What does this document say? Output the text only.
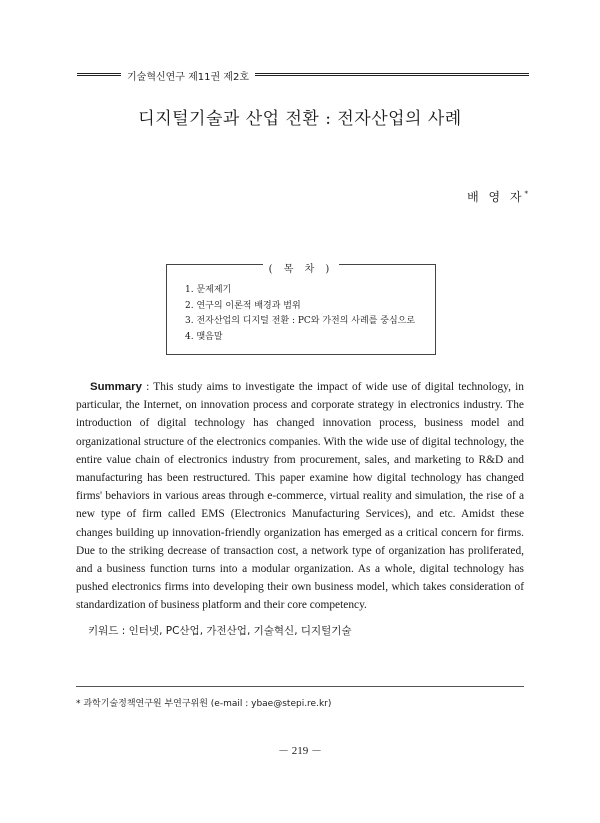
기술혁신연구 제11권 제2호
디지털기술과 산업 전환 : 전자산업의 사례
배 영 자*
( 목 차 )
1. 문제제기
2. 연구의 이론적 배경과 범위
3. 전자산업의 디지털 전환 : PC와 가전의 사례를 중심으로
4. 맺음말
Summary : This study aims to investigate the impact of wide use of digital technology, in particular, the Internet, on innovation process and corporate strategy in electronics industry. The introduction of digital technology has changed innovation process, business model and organizational structure of the electronics companies. With the wide use of digital technology, the entire value chain of electronics industry from procurement, sales, and marketing to R&D and manufacturing has been restructured. This paper examine how digital technology has changed firms' behaviors in various areas through e-commerce, virtual reality and simulation, the rise of a new type of firm called EMS (Electronics Manufacturing Services), and etc. Amidst these changes building up innovation-friendly organization has emerged as a critical concern for firms. Due to the striking decrease of transaction cost, a network type of organization has proliferated, and a business function turns into a modular organization. As a whole, digital technology has pushed electronics firms into developing their own business model, which takes consideration of standardization of business platform and their core competency.
키워드 : 인터넷, PC산업, 가전산업, 기술혁신, 디지털기술
* 과학기술정책연구원 부연구위원 (e-mail : ybae@stepi.re.kr)
－ 219 －
